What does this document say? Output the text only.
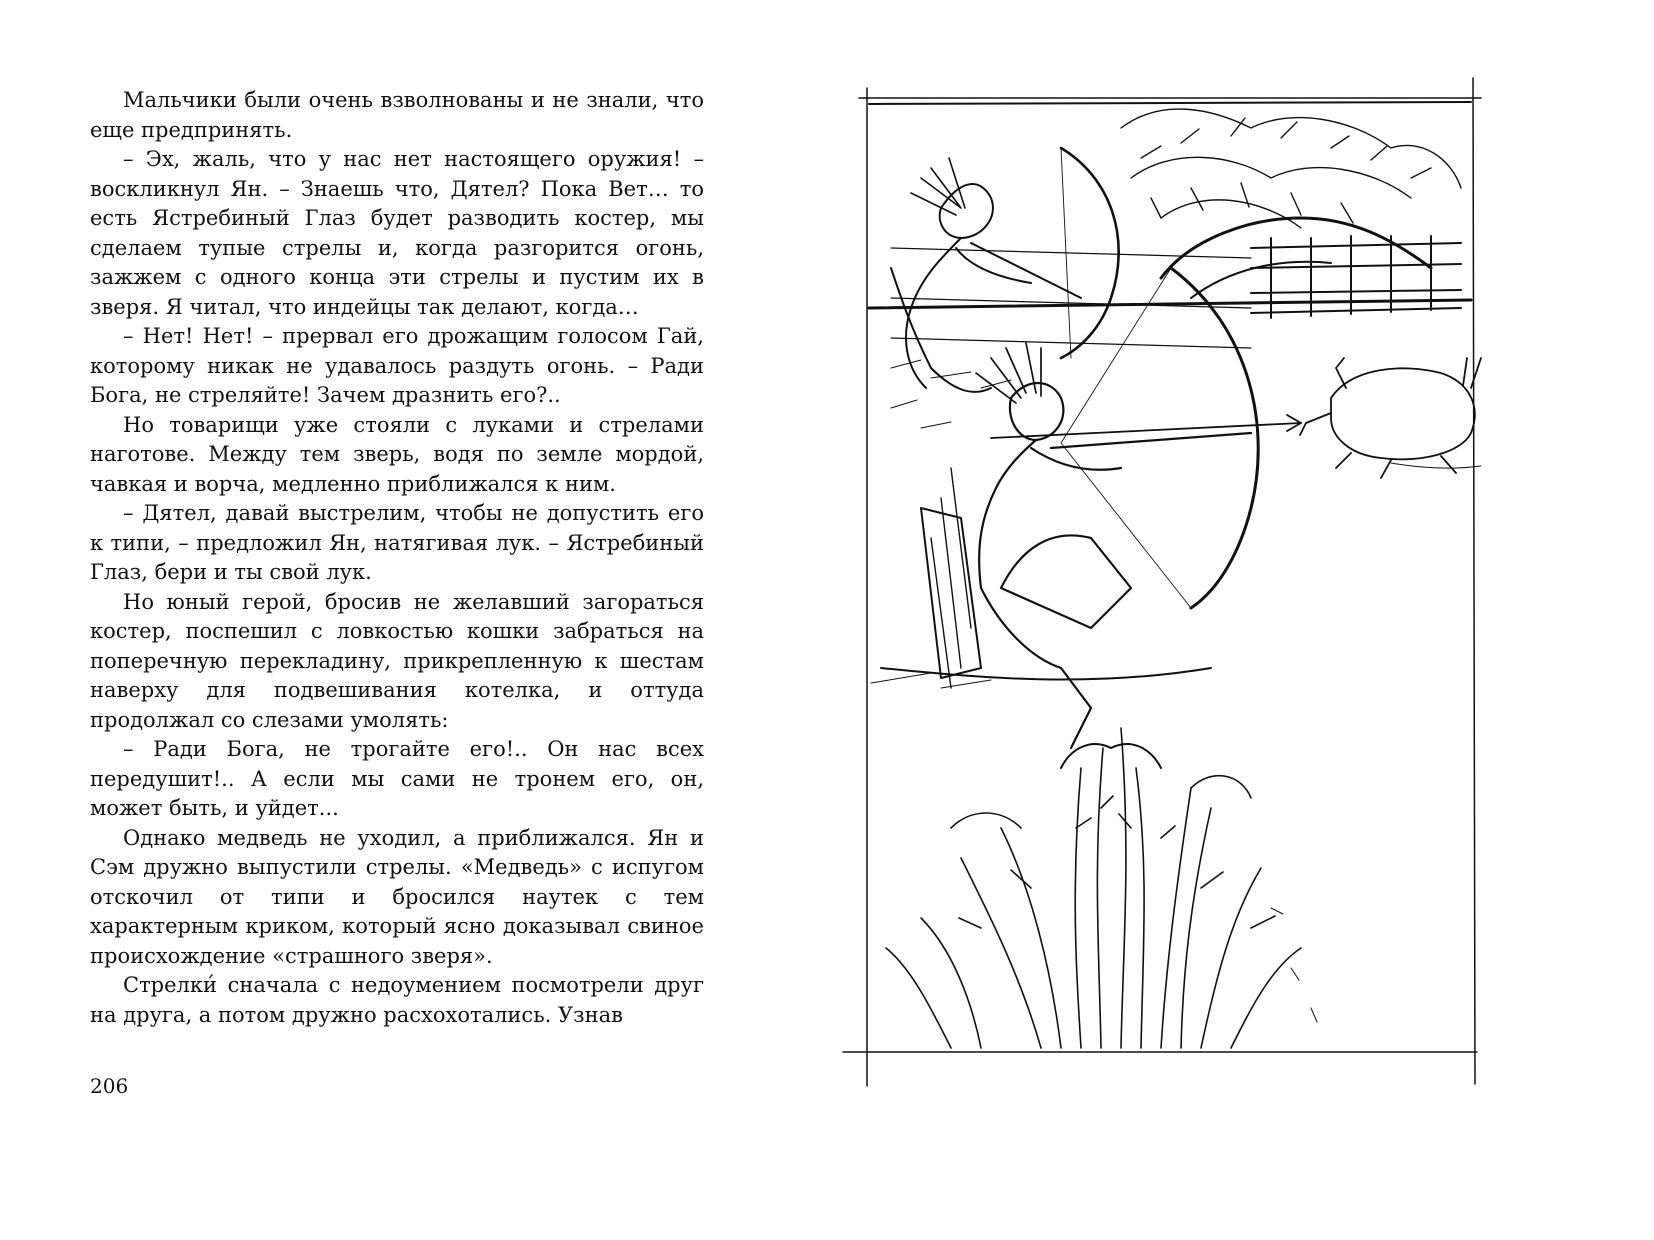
Мальчики были очень взволнованы и не знали, что еще предпринять.

– Эх, жаль, что у нас нет настоящего оружия! – воскликнул Ян. – Знаешь что, Дятел? Пока Вет… то есть Ястребиный Глаз будет разводить костер, мы сделаем тупые стрелы и, когда разгорится огонь, зажжем с одного конца эти стрелы и пустим их в зверя. Я читал, что индейцы так делают, когда…

– Нет! Нет! – прервал его дрожащим голосом Гай, которому никак не удавалось раздуть огонь. – Ради Бога, не стреляйте! Зачем дразнить его?..

Но товарищи уже стояли с луками и стрелами наготове. Между тем зверь, водя по земле мордой, чавкая и ворча, медленно приближался к ним.

– Дятел, давай выстрелим, чтобы не допустить его к типи, – предложил Ян, натягивая лук. – Ястребиный Глаз, бери и ты свой лук.

Но юный герой, бросив не желавший загораться костер, поспешил с ловкостью кошки забраться на поперечную перекладину, прикрепленную к шестам наверху для подвешивания котелка, и оттуда продолжал со слезами умолять:

– Ради Бога, не трогайте его!.. Он нас всех передушит!.. А если мы сами не тронем его, он, может быть, и уйдет...

Однако медведь не уходил, а приближался. Ян и Сэм дружно выпустили стрелы. «Медведь» с испугом отскочил от типи и бросился наутек с тем характерным криком, который ясно доказывал свиное происхождение «страшного зверя».

Стрелки́ сначала с недоумением посмотрели друг на друга, а потом дружно расхохотались. Узнав

206
